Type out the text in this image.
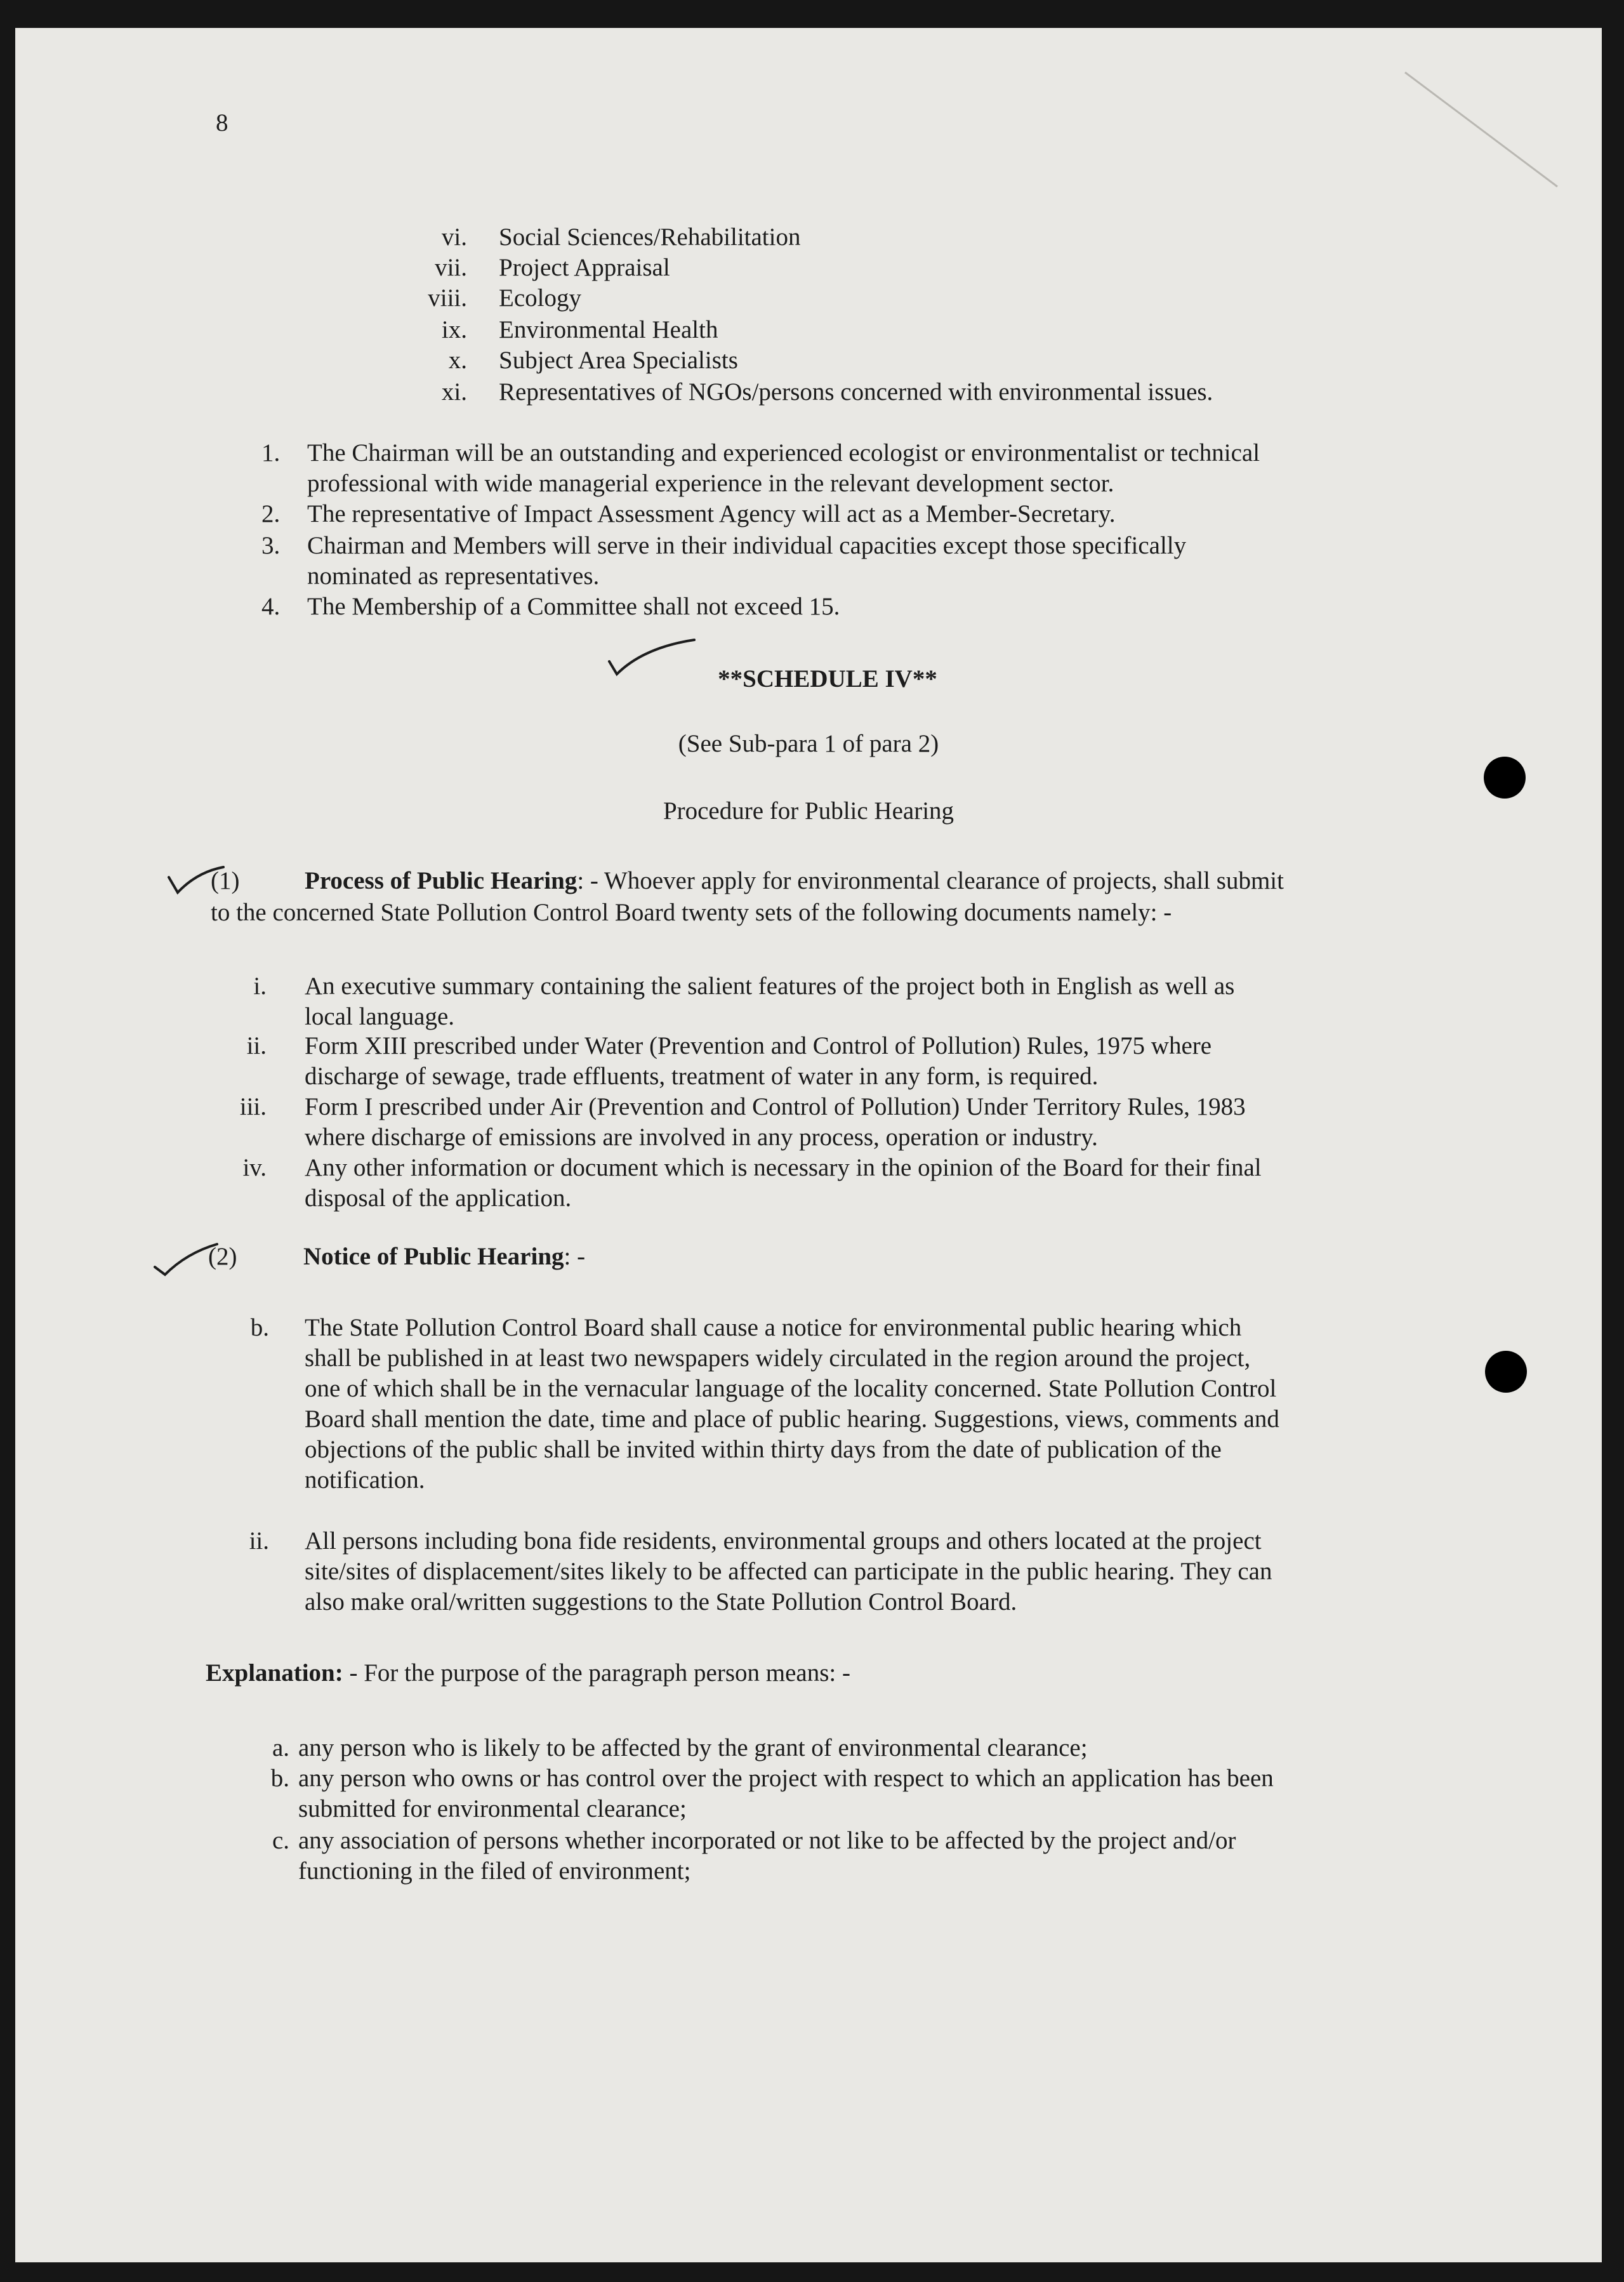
8
vi. Social Sciences/Rehabilitation
vii. Project Appraisal
viii. Ecology
ix. Environmental Health
x. Subject Area Specialists
xi. Representatives of NGOs/persons concerned with environmental issues.
1. The Chairman will be an outstanding and experienced ecologist or environmentalist or technical
professional with wide managerial experience in the relevant development sector.
2. The representative of Impact Assessment Agency will act as a Member-Secretary.
3. Chairman and Members will serve in their individual capacities except those specifically
nominated as representatives.
4. The Membership of a Committee shall not exceed 15.
**SCHEDULE IV**
(See Sub-para 1 of para 2)
Procedure for Public Hearing
(1)	Process of Public Hearing: - Whoever apply for environmental clearance of projects, shall submit
to the concerned State Pollution Control Board twenty sets of the following documents namely: -
i. An executive summary containing the salient features of the project both in English as well as
local language.
ii. Form XIII prescribed under Water (Prevention and Control of Pollution) Rules, 1975 where
discharge of sewage, trade effluents, treatment of water in any form, is required.
iii. Form I prescribed under Air (Prevention and Control of Pollution) Under Territory Rules, 1983
where discharge of emissions are involved in any process, operation or industry.
iv. Any other information or document which is necessary in the opinion of the Board for their final
disposal of the application.
(2)	Notice of Public Hearing: -
b. The State Pollution Control Board shall cause a notice for environmental public hearing which
shall be published in at least two newspapers widely circulated in the region around the project,
one of which shall be in the vernacular language of the locality concerned. State Pollution Control
Board shall mention the date, time and place of public hearing. Suggestions, views, comments and
objections of the public shall be invited within thirty days from the date of publication of the
notification.
ii. All persons including bona fide residents, environmental groups and others located at the project
site/sites of displacement/sites likely to be affected can participate in the public hearing. They can
also make oral/written suggestions to the State Pollution Control Board.
Explanation: - For the purpose of the paragraph person means: -
a. any person who is likely to be affected by the grant of environmental clearance;
b. any person who owns or has control over the project with respect to which an application has been
submitted for environmental clearance;
c. any association of persons whether incorporated or not like to be affected by the project and/or
functioning in the filed of environment;
